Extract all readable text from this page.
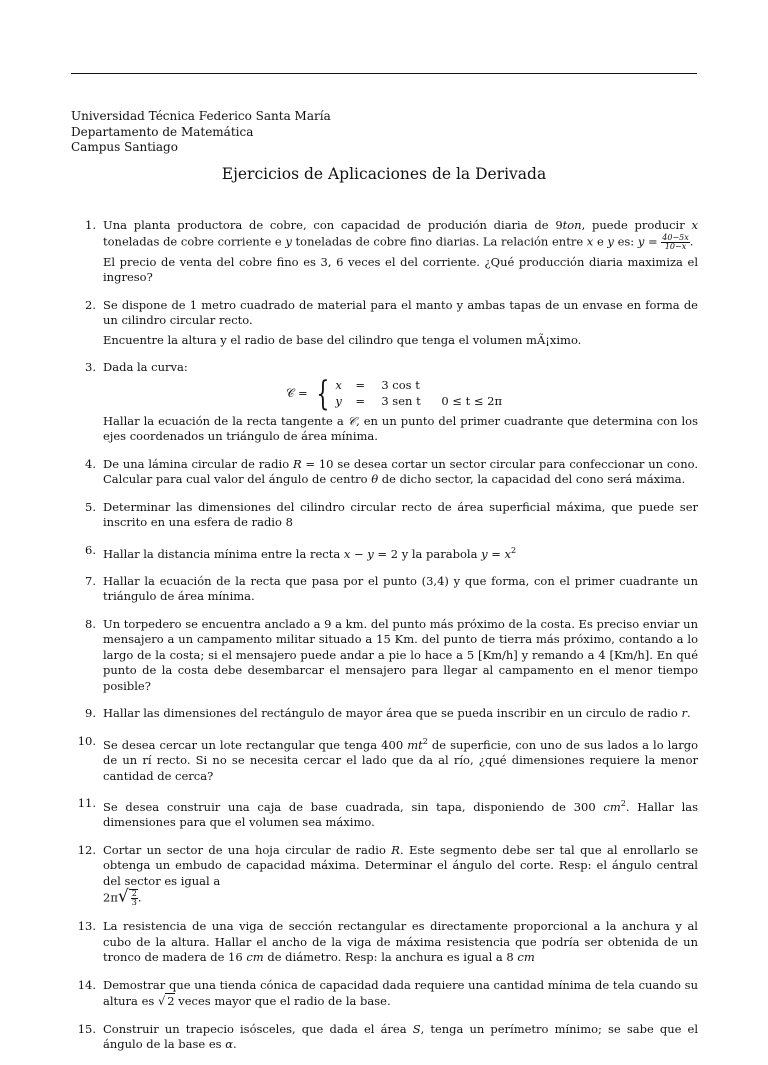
Universidad Técnica Federico Santa María
Departamento de Matemática
Campus Santiago
Ejercicios de Aplicaciones de la Derivada
1. Una planta productora de cobre, con capacidad de produción diaria de 9ton, puede producir x toneladas de cobre corriente e y toneladas de cobre fino diarias. La relación entre x e y es: $y = \frac{40-5x}{10-x}$ .

El precio de venta del cobre fino es 3, 6 veces el del corriente. ¿Qué producción diaria maximiza el ingreso?

2. Se dispone de 1 metro cuadrado de material para el manto y ambas tapas de un envase en forma de un cilindro circular recto.

Encuentre la altura y el radio de base del cilindro que tenga el volumen mÃ¡ximo.

3. Dada la curva:

𝒞 = { x	=	3 cos t
y	=	3 sen t	0 ≤ t ≤ 2π

Hallar la ecuación de la recta tangente a 𝒞, en un punto del primer cuadrante que determina con los ejes coordenados un triángulo de área mínima.

4. De una lámina circular de radio R = 10 se desea cortar un sector circular para confeccionar un cono. Calcular para cual valor del ángulo de centro θ de dicho sector, la capacidad del cono será máxima.

5. Determinar las dimensiones del cilindro circular recto de área superficial máxima, que puede ser inscrito en una esfera de radio 8

6. Hallar la distancia mínima entre la recta x − y = 2 y la parabola $y = x^2$

7. Hallar la ecuación de la recta que pasa por el punto (3,4) y que forma, con el primer cuadrante un triángulo de área mínima.

8. Un torpedero se encuentra anclado a 9 a km. del punto más próximo de la costa. Es preciso enviar un mensajero a un campamento militar situado a 15 Km. del punto de tierra más próximo, contando a lo largo de la costa; si el mensajero puede andar a pie lo hace a 5 [Km/h] y remando a 4 [Km/h]. En qué punto de la costa debe desembarcar el mensajero para llegar al campamento en el menor tiempo posible?

9. Hallar las dimensiones del rectángulo de mayor área que se pueda inscribir en un circulo de radio r.

10. Se desea cercar un lote rectangular que tenga 400 $mt^2$ de superficie, con uno de sus lados a lo largo de un rí recto. Si no se necesita cercar el lado que da al río, ¿qué dimensiones requiere la menor cantidad de cerca?

11. Se desea construir una caja de base cuadrada, sin tapa, disponiendo de 300 $cm^2$. Hallar las dimensiones para que el volumen sea máximo.

12. Cortar un sector de una hoja circular de radio R. Este segmento debe ser tal que al enrollarlo se obtenga un embudo de capacidad máxima. Determinar el ángulo del corte. Resp: el ángulo central del sector es igual a
$2\pi√ \frac{2}{3}$ .

13. La resistencia de una viga de sección rectangular es directamente proporcional a la anchura y al cubo de la altura. Hallar el ancho de la viga de máxima resistencia que podría ser obtenida de un tronco de madera de 16 cm de diámetro. Resp: la anchura es igual a 8 cm

14. Demostrar que una tienda cónica de capacidad dada requiere una cantidad mínima de tela cuando su altura es √ 2 veces mayor que el radio de la base.

15. Construir un trapecio isósceles, que dada el área S, tenga un perímetro mínimo; se sabe que el ángulo de la base es α.
